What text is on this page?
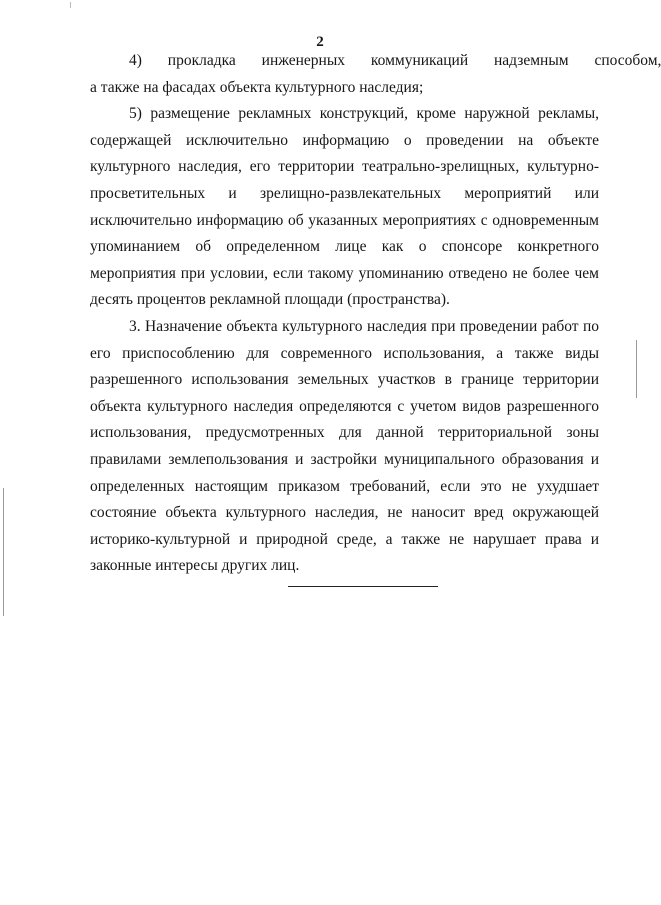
2
4) прокладка инженерных коммуникаций надземным способом,
а также на фасадах объекта культурного наследия;
5) размещение рекламных конструкций, кроме наружной рекламы,
содержащей исключительно информацию о проведении на объекте
культурного наследия, его территории театрально-зрелищных, культурно-
просветительных и зрелищно-развлекательных мероприятий или
исключительно информацию об указанных мероприятиях с одновременным
упоминанием об определенном лице как о спонсоре конкретного
мероприятия при условии, если такому упоминанию отведено не более чем
десять процентов рекламной площади (пространства).
3. Назначение объекта культурного наследия при проведении работ по
его приспособлению для современного использования, а также виды
разрешенного использования земельных участков в границе территории
объекта культурного наследия определяются с учетом видов разрешенного
использования, предусмотренных для данной территориальной зоны
правилами землепользования и застройки муниципального образования и
определенных настоящим приказом требований, если это не ухудшает
состояние объекта культурного наследия, не наносит вред окружающей
историко-культурной и природной среде, а также не нарушает права и
законные интересы других лиц.
